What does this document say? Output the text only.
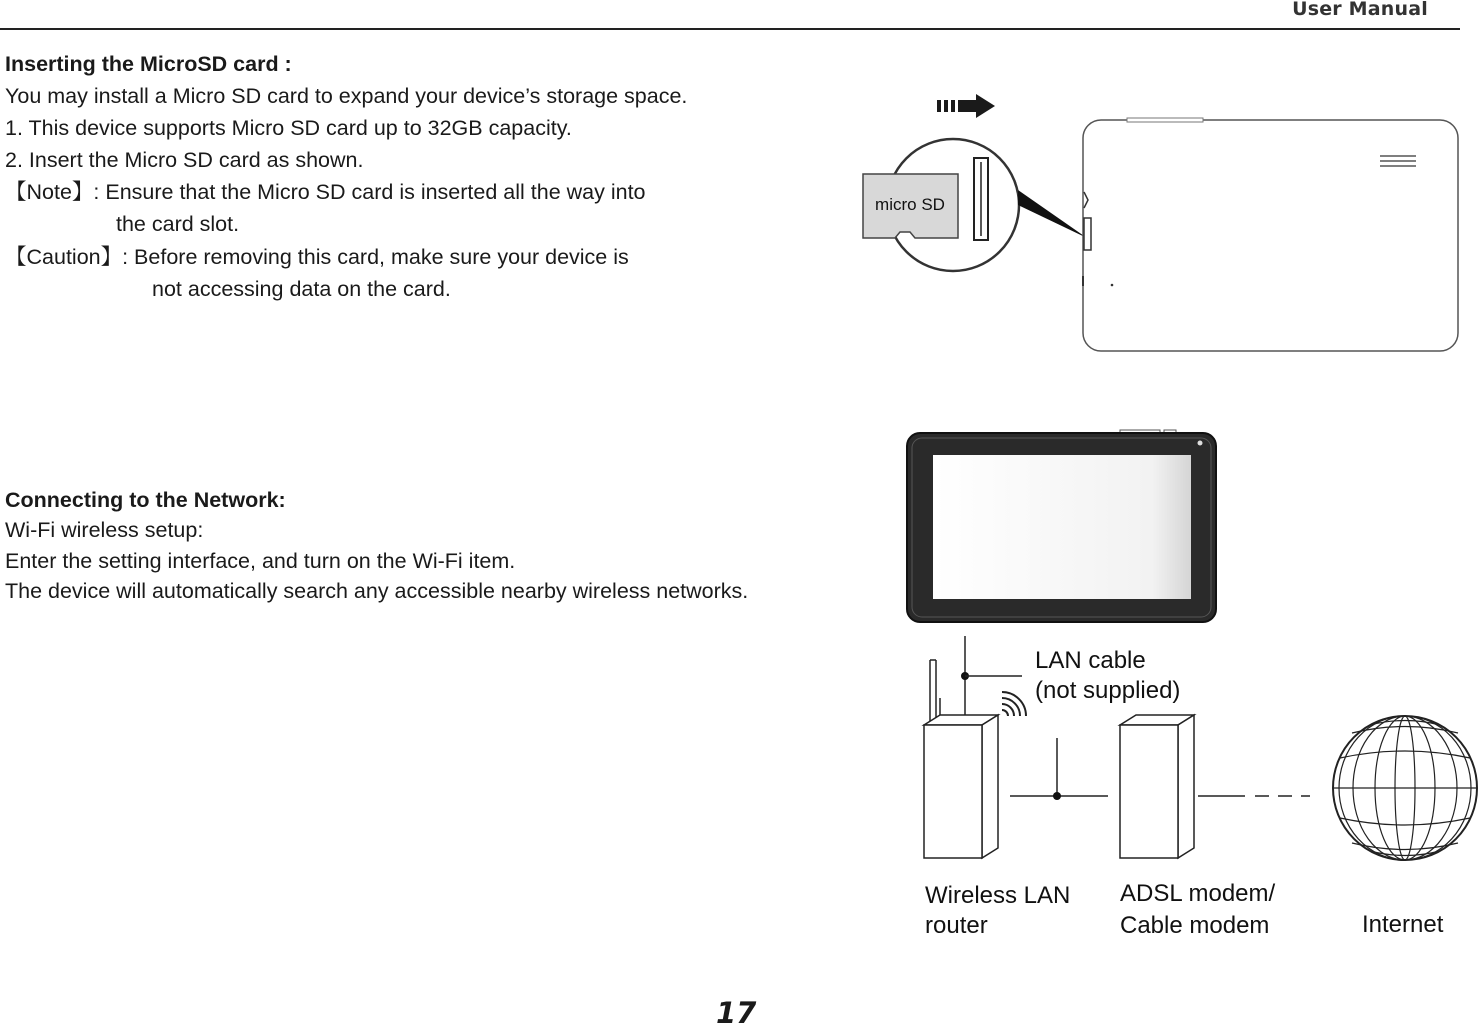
User Manual
Inserting the MicroSD card :
You may install a Micro SD card to expand your device’s storage space.
1. This device supports Micro SD card up to 32GB capacity.
2. Insert the Micro SD card as shown.
【Note】: Ensure that the Micro SD card is inserted all the way into
the card slot.
【Caution】: Before removing this card, make sure your device is
not accessing data on the card.
micro SD
Connecting to the Network:
Wi-Fi wireless setup:
Enter the setting interface, and turn on the Wi-Fi item.
The device will automatically search any accessible nearby wireless networks.
LAN cable
(not supplied)
Wireless LAN
router
ADSL modem/
Cable modem	Internet
17
